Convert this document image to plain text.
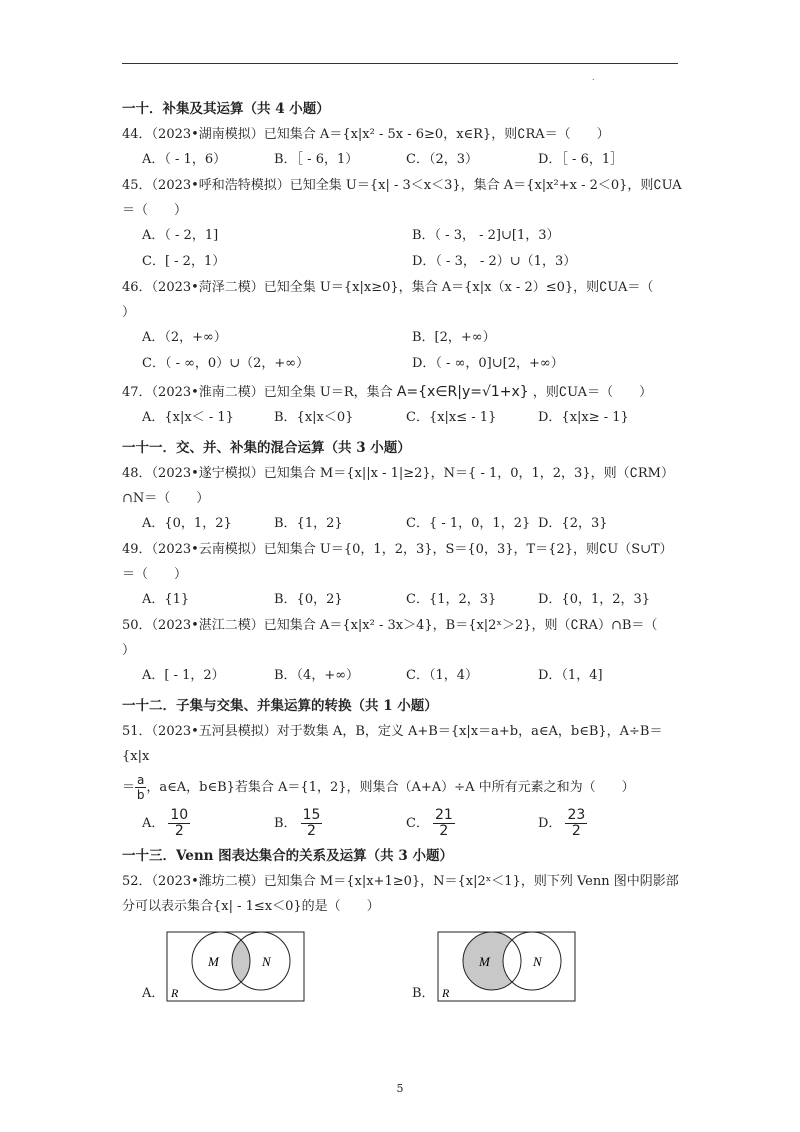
.
一十．补集及其运算（共 4 小题）
44．（2023•湖南模拟）已知集合 A＝{x|x² - 5x - 6≥0，x∈R}，则∁RA＝（　　）
A．（ - 1，6）	B．［ - 6，1）	C．（2，3）	D．［ - 6，1］
45．（2023•呼和浩特模拟）已知全集 U＝{x| - 3＜x＜3}，集合 A＝{x|x²+x - 2＜0}，则∁UA
＝（　　）
A．（ - 2，1]	B．（ - 3， - 2]∪[1，3）
C．[ - 2，1）	D．（ - 3， - 2）∪（1，3）
46．（2023•菏泽二模）已知全集 U＝{x|x≥0}，集合 A＝{x|x（x - 2）≤0}，则∁UA＝（
）
A．（2，+∞）	B．[2，+∞）
C．（ - ∞，0）∪（2，+∞）	D．（ - ∞，0]∪[2，+∞）
47．（2023•淮南二模）已知全集 U＝R，集合 A={x∈R|y=√1+x} ，则∁UA＝（　　）
A．{x|x＜ - 1}	B．{x|x＜0}	C．{x|x≤ - 1}	D．{x|x≥ - 1}
一十一．交、并、补集的混合运算（共 3 小题）
48．（2023•遂宁模拟）已知集合 M＝{x||x - 1|≥2}，N＝{ - 1，0，1，2，3}，则（∁RM）
∩N＝（　　）
A．{0，1，2}	B．{1，2}	C．{ - 1，0，1，2} D．{2，3}
49．（2023•云南模拟）已知集合 U＝{0，1，2，3}，S＝{0，3}，T＝{2}，则∁U（S∪T）
＝（　　）
A．{1}	B．{0，2}	C．{1，2，3}	D．{0，1，2，3}
50．（2023•湛江二模）已知集合 A＝{x|x² - 3x＞4}，B＝{x|2ˣ＞2}，则（∁RA）∩B＝（
）
A．[ - 1，2）	B．（4，+∞）	C．（1，4）	D．（1，4]
一十二．子集与交集、并集运算的转换（共 1 小题）
51．（2023•五河县模拟）对于数集 A，B，定义 A+B＝{x|x＝a+b，a∈A，b∈B}，A÷B＝{x|x
＝ $\frac{a}{b}$，a∈A，b∈B}若集合 A＝{1，2}，则集合（A+A）÷A 中所有元素之和为（　　）
A． $\frac{10}{2}$	B． $\frac{15}{2}$	C． $\frac{21}{2}$	D． $\frac{23}{2}$
一十三．Venn 图表达集合的关系及运算（共 3 小题）
52．（2023•潍坊二模）已知集合 M＝{x|x+1≥0}，N＝{x|2ˣ＜1}，则下列 Venn 图中阴影部
分可以表示集合{x| - 1≤x＜0}的是（　　）
A．
M	N
R	B．
M	N
R
5
